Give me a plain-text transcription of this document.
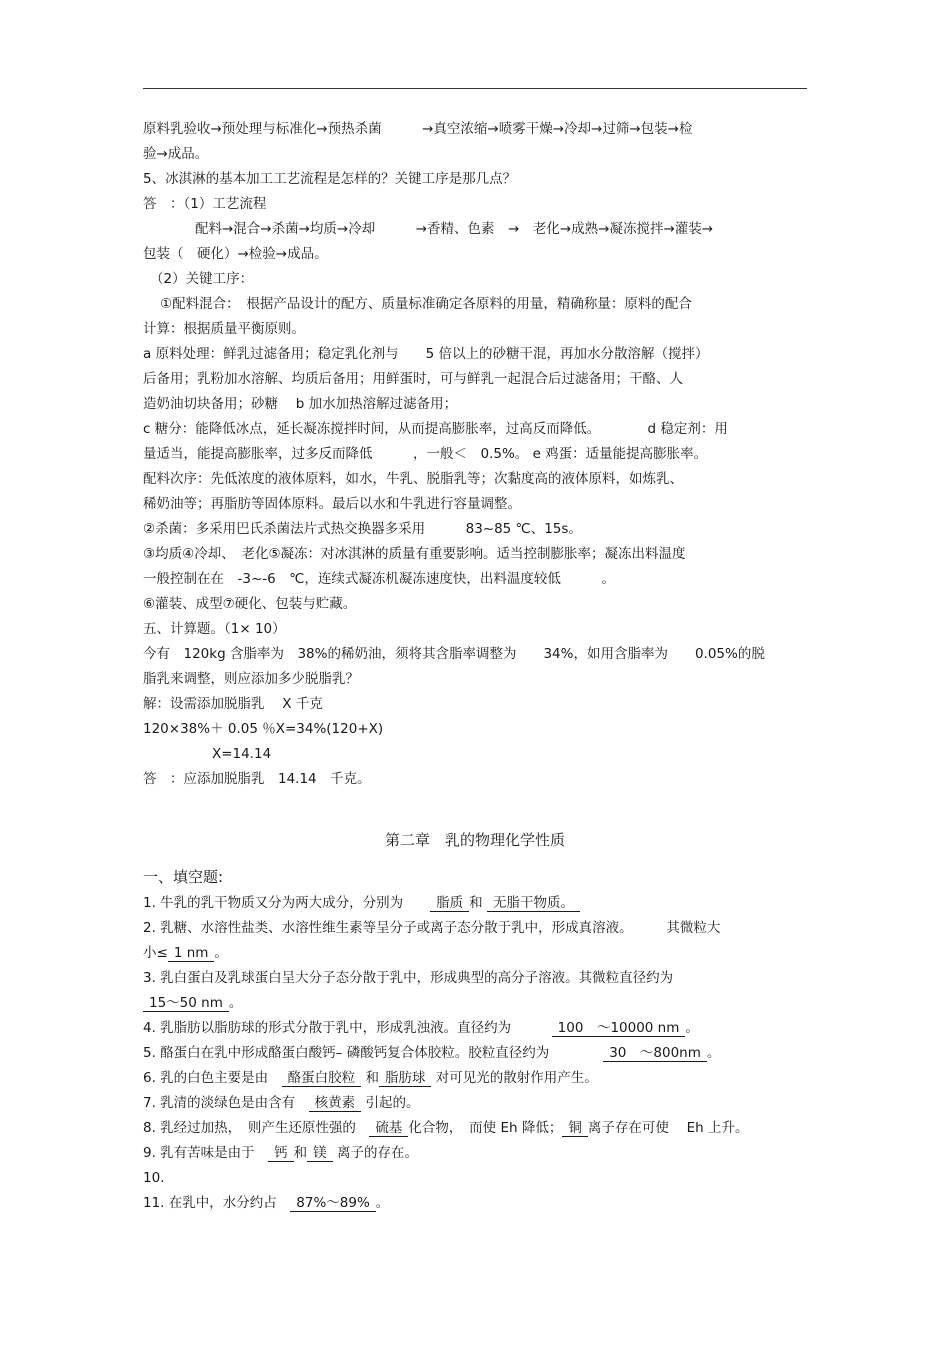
原料乳验收→预处理与标准化→预热杀菌　　　→真空浓缩→喷雾干燥→冷却→过筛→包装→检
验→成品。
5、冰淇淋的基本加工工艺流程是怎样的？关键工序是那几点？
答　：（1）工艺流程
配料→混合→杀菌→均质→冷却　　　→香精、色素　→　老化→成熟→凝冻搅拌→灌装→
包装（　硬化）→检验→成品。
（2）关键工序：
①配料混合：　根据产品设计的配方、质量标准确定各原料的用量，精确称量：原料的配合
计算：根据质量平衡原则。
a 原料处理：鲜乳过滤备用；稳定乳化剂与　　5 倍以上的砂糖干混，再加水分散溶解（搅拌）
后备用；乳粉加水溶解、均质后备用；用鲜蛋时，可与鲜乳一起混合后过滤备用；干酪、人
造奶油切块备用；砂糖　 b 加水加热溶解过滤备用；
c 糖分：能降低冰点，延长凝冻搅拌时间，从而提高膨胀率，过高反而降低。　　　　d 稳定剂：用
量适当，能提高膨胀率，过多反而降低　　　，一般＜　0.5%。 e 鸡蛋：适量能提高膨胀率。
配料次序：先低浓度的液体原料，如水，牛乳、脱脂乳等；次黏度高的液体原料，如炼乳、
稀奶油等；再脂肪等固体原料。最后以水和牛乳进行容量调整。
②杀菌：多采用巴氏杀菌法片式热交换器多采用　　　83~85 ℃、15s。
③均质④冷却、　老化⑤凝冻：对冰淇淋的质量有重要影响。适当控制膨胀率；凝冻出料温度
一般控制在在　-3~-6　℃，连续式凝冻机凝冻速度快，出料温度较低　　　。
⑥灌装、成型⑦硬化、包装与贮藏。
五、计算题。（1× 10）
今有　120kg 含脂率为　38%的稀奶油，须将其含脂率调整为　　34%，如用含脂率为　　0.05%的脱
脂乳来调整，则应添加多少脱脂乳？
解：设需添加脱脂乳　 X 千克
120×38%＋ 0.05 ％X=34%(120+X)
X=14.14
答　：应添加脱脂乳　14.14　千克。
第二章　乳的物理化学性质
一、填空题:
1. 牛乳的乳干物质又分为两大成分，分别为　　脂质 和 无脂干物质。
2. 乳糖、水溶性盐类、水溶性维生素等呈分子或离子态分散于乳中，形成真溶液。　　　其微粒大
小≤ 1 nm 。
3. 乳白蛋白及乳球蛋白呈大分子态分散于乳中，形成典型的高分子溶液。其微粒直径约为
15～50 nm 。
4. 乳脂肪以脂肪球的形式分散于乳中，形成乳浊液。直径约为　　　100　～10000 nm 。
5. 酪蛋白在乳中形成酪蛋白酸钙– 磷酸钙复合体胶粒。胶粒直径约为　　　　30　～800nm 。
6. 乳的白色主要是由　酪蛋白胶粒 和 脂肪球 对可见光的散射作用产生。
7. 乳清的淡绿色是由含有　核黄素 引起的。
8. 乳经过加热，　则产生还原性强的　硫基 化合物，　而使 Eh 降低； 铜 离子存在可使　 Eh 上升。
9. 乳有苦味是由于　钙 和 镁 离子的存在。
10.
11. 在乳中，水分约占　87%～89% 。
